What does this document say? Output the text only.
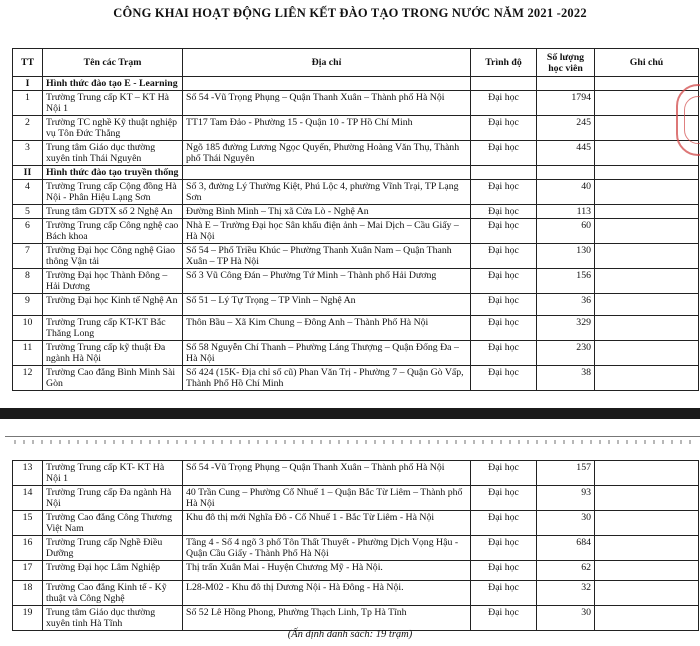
CÔNG KHAI HOẠT ĐỘNG LIÊN KẾT ĐÀO TẠO TRONG NƯỚC NĂM 2021 -2022
TT	Tên các Trạm	Địa chỉ	Trình độ	Số lượng học viên	Ghi chú
I	Hình thức đào tạo E - Learning				
1	Trường Trung cấp KT – KT Hà Nội 1	Số 54 -Vũ Trọng Phụng – Quận Thanh Xuân – Thành phố Hà Nội	Đại học	1794	
2	Trường TC nghề Kỹ thuật nghiệp vụ Tôn Đức Thắng	TT17 Tam Đảo - Phường 15 - Quận 10 - TP Hồ Chí Minh	Đại học	245	
3	Trung tâm Giáo dục thường xuyên tỉnh Thái Nguyên	Ngõ 185 đường Lương Ngọc Quyến, Phường Hoàng Văn Thụ, Thành phố Thái Nguyên	Đại học	445	
II	Hình thức đào tạo truyền thống				
4	Trường Trung cấp Cộng đồng Hà Nội - Phân Hiệu Lạng Sơn	Số 3, đường Lý Thường Kiệt, Phú Lộc 4, phường Vĩnh Trại, TP Lạng Sơn	Đại học	40	
5	Trung tâm GDTX số 2 Nghệ An	Đường Bình Minh – Thị xã Cửa Lò - Nghệ An	Đại học	113	
6	Trường Trung cấp Công nghệ cao Bách khoa	Nhà E – Trường Đại học Sân khấu điện ảnh – Mai Dịch – Cầu Giấy – Hà Nội	Đại học	60	
7	Trường Đại học Công nghệ Giao thông Vận tải	Số 54 – Phố Triều Khúc – Phường Thanh Xuân Nam – Quận Thanh Xuân – TP Hà Nội	Đại học	130	
8	Trường Đại học Thành Đông – Hải Dương	Số 3 Vũ Công Đán – Phường Tứ Minh – Thành phố Hải Dương	Đại học	156	
9	Trường Đại học Kinh tế Nghệ An	Số 51 – Lý Tự Trọng – TP Vinh – Nghệ An	Đại học	36	
10	Trường Trung cấp KT-KT Bắc Thăng Long	Thôn Bầu – Xã Kim Chung – Đông Anh – Thành Phố Hà Nội	Đại học	329	
11	Trường Trung cấp kỹ thuật Đa ngành Hà Nội	Số 58 Nguyễn Chí Thanh – Phường Láng Thượng – Quận Đống Đa – Hà Nội	Đại học	230	
12	Trường Cao đẳng Bình Minh Sài Gòn	Số 424 (15K- Địa chỉ số cũ) Phan Văn Trị - Phường 7 – Quận Gò Vấp, Thành Phố Hồ Chí Minh	Đại học	38	
13	Trường Trung cấp KT- KT Hà Nội 1	Số 54 -Vũ Trọng Phụng – Quận Thanh Xuân – Thành phố Hà Nội	Đại học	157	
14	Trường Trung cấp Đa ngành Hà Nội	40 Trần Cung – Phường Cổ Nhuế 1 – Quận Bắc Từ Liêm – Thành phố Hà Nội	Đại học	93	
15	Trường Cao đẳng Công Thương Việt Nam	Khu đô thị mới Nghĩa Đô - Cổ Nhuế 1 - Bắc Từ Liêm - Hà Nội	Đại học	30	
16	Trường Trung cấp Nghề Điều Dưỡng	Tầng 4 - Số 4 ngõ 3 phố Tôn Thất Thuyết - Phường Dịch Vọng Hậu - Quận Cầu Giấy - Thành Phố Hà Nội	Đại học	684	
17	Trường Đại học Lâm Nghiệp	Thị trấn Xuân Mai - Huyện Chương Mỹ - Hà Nội.	Đại học	62	
18	Trường Cao đẳng Kinh tế - Kỹ thuật và Công Nghệ	L28-M02 - Khu đô thị Dương Nội - Hà Đông - Hà Nội.	Đại học	32	
19	Trung tâm Giáo dục thường xuyên tỉnh Hà Tĩnh	Số 52 Lê Hồng Phong, Phường Thạch Linh, Tp Hà Tĩnh	Đại học	30	
(Ấn định danh sách: 19 trạm)
